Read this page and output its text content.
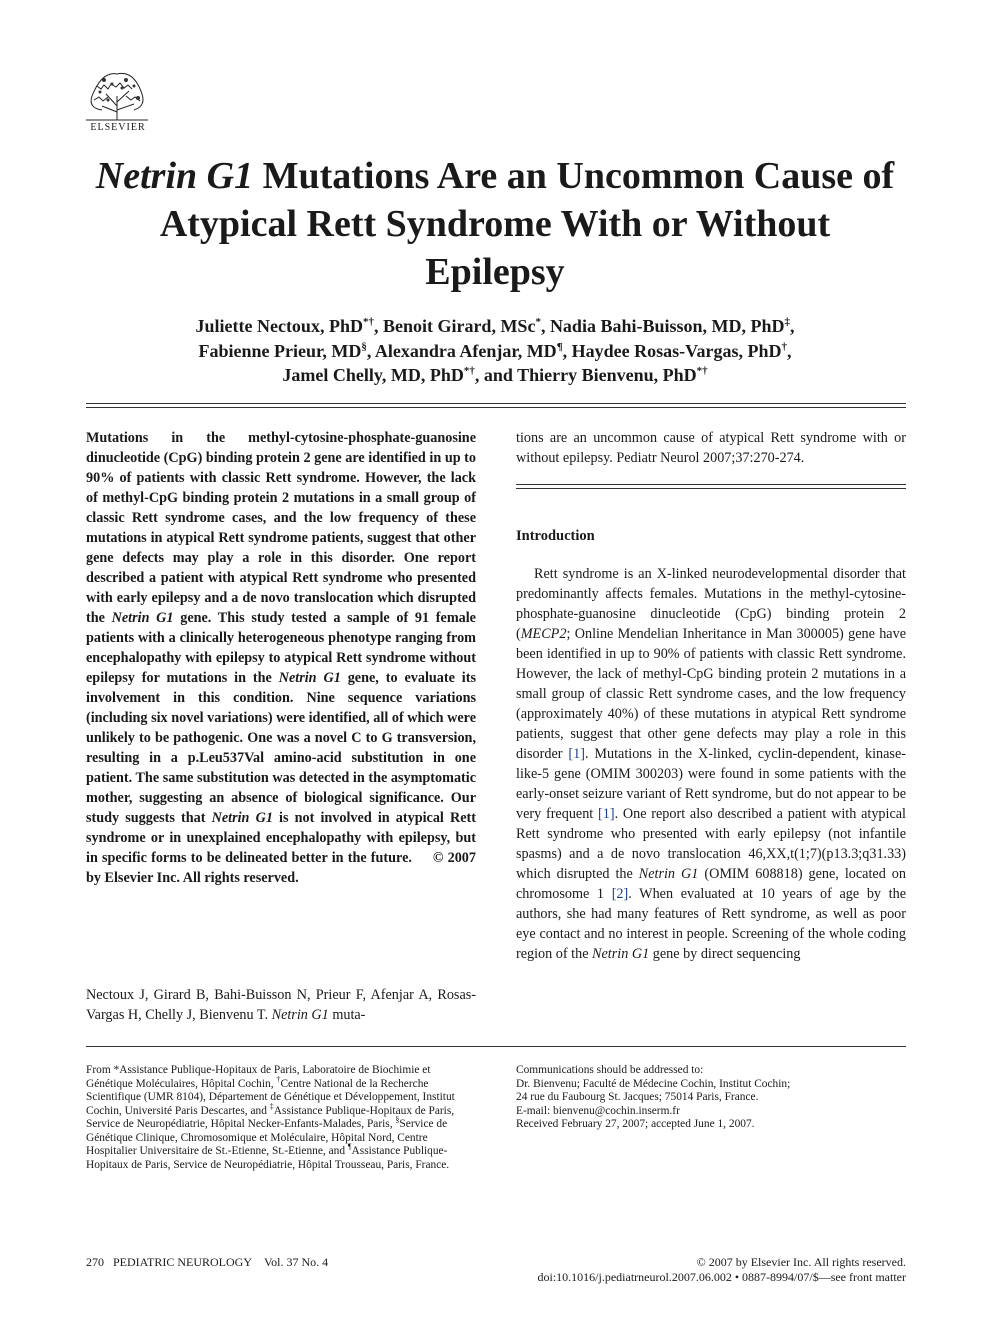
ELSEVIER
Netrin G1 Mutations Are an Uncommon Cause of Atypical Rett Syndrome With or Without Epilepsy
Juliette Nectoux, PhD*†, Benoit Girard, MSc*, Nadia Bahi-Buisson, MD, PhD‡,
Fabienne Prieur, MD§, Alexandra Afenjar, MD¶, Haydee Rosas-Vargas, PhD†,
Jamel Chelly, MD, PhD*†, and Thierry Bienvenu, PhD*†
Mutations in the methyl-cytosine-phosphate-guanosine dinucleotide (CpG) binding protein 2 gene are identified in up to 90% of patients with classic Rett syndrome. However, the lack of methyl-CpG binding protein 2 mutations in a small group of classic Rett syndrome cases, and the low frequency of these mutations in atypical Rett syndrome patients, suggest that other gene defects may play a role in this disorder. One report described a patient with atypical Rett syndrome who presented with early epilepsy and a de novo translocation which disrupted the Netrin G1 gene. This study tested a sample of 91 female patients with a clinically heterogeneous phenotype ranging from encephalopathy with epilepsy to atypical Rett syndrome without epilepsy for mutations in the Netrin G1 gene, to evaluate its involvement in this condition. Nine sequence variations (including six novel variations) were identified, all of which were unlikely to be pathogenic. One was a novel C to G transversion, resulting in a p.Leu537Val amino-acid substitution in one patient. The same substitution was detected in the asymptomatic mother, suggesting an absence of biological significance. Our study suggests that Netrin G1 is not involved in atypical Rett syndrome or in unexplained encephalopathy with epilepsy, but in specific forms to be delineated better in the future. © 2007 by Elsevier Inc. All rights reserved.
Nectoux J, Girard B, Bahi-Buisson N, Prieur F, Afenjar A, Rosas-Vargas H, Chelly J, Bienvenu T. Netrin G1 muta-
tions are an uncommon cause of atypical Rett syndrome with or without epilepsy. Pediatr Neurol 2007;37:270-274.
Introduction
Rett syndrome is an X-linked neurodevelopmental disorder that predominantly affects females. Mutations in the methyl-cytosine-phosphate-guanosine dinucleotide (CpG) binding protein 2 (MECP2; Online Mendelian Inheritance in Man 300005) gene have been identified in up to 90% of patients with classic Rett syndrome. However, the lack of methyl-CpG binding protein 2 mutations in a small group of classic Rett syndrome cases, and the low frequency (approximately 40%) of these mutations in atypical Rett syndrome patients, suggest that other gene defects may play a role in this disorder [1]. Mutations in the X-linked, cyclin-dependent, kinase-like-5 gene (OMIM 300203) were found in some patients with the early-onset seizure variant of Rett syndrome, but do not appear to be very frequent [1]. One report also described a patient with atypical Rett syndrome who presented with early epilepsy (not infantile spasms) and a de novo translocation 46,XX,t(1;7)(p13.3;q31.33) which disrupted the Netrin G1 (OMIM 608818) gene, located on chromosome 1 [2]. When evaluated at 10 years of age by the authors, she had many features of Rett syndrome, as well as poor eye contact and no interest in people. Screening of the whole coding region of the Netrin G1 gene by direct sequencing
From *Assistance Publique-Hopitaux de Paris, Laboratoire de Biochimie et Génétique Moléculaires, Hôpital Cochin, †Centre National de la Recherche Scientifique (UMR 8104), Département de Génétique et Développement, Institut Cochin, Université Paris Descartes, and ‡Assistance Publique-Hopitaux de Paris, Service de Neuropédiatrie, Hôpital Necker-Enfants-Malades, Paris, §Service de Génétique Clinique, Chromosomique et Moléculaire, Hôpital Nord, Centre Hospitalier Universitaire de St.-Etienne, St.-Etienne, and ¶Assistance Publique-Hopitaux de Paris, Service de Neuropédiatrie, Hôpital Trousseau, Paris, France.
Communications should be addressed to:
Dr. Bienvenu; Faculté de Médecine Cochin, Institut Cochin;
24 rue du Faubourg St. Jacques; 75014 Paris, France.
E-mail: bienvenu@cochin.inserm.fr
Received February 27, 2007; accepted June 1, 2007.
270 PEDIATRIC NEUROLOGY Vol. 37 No. 4	© 2007 by Elsevier Inc. All rights reserved.
doi:10.1016/j.pediatrneurol.2007.06.002 • 0887-8994/07/$—see front matter
